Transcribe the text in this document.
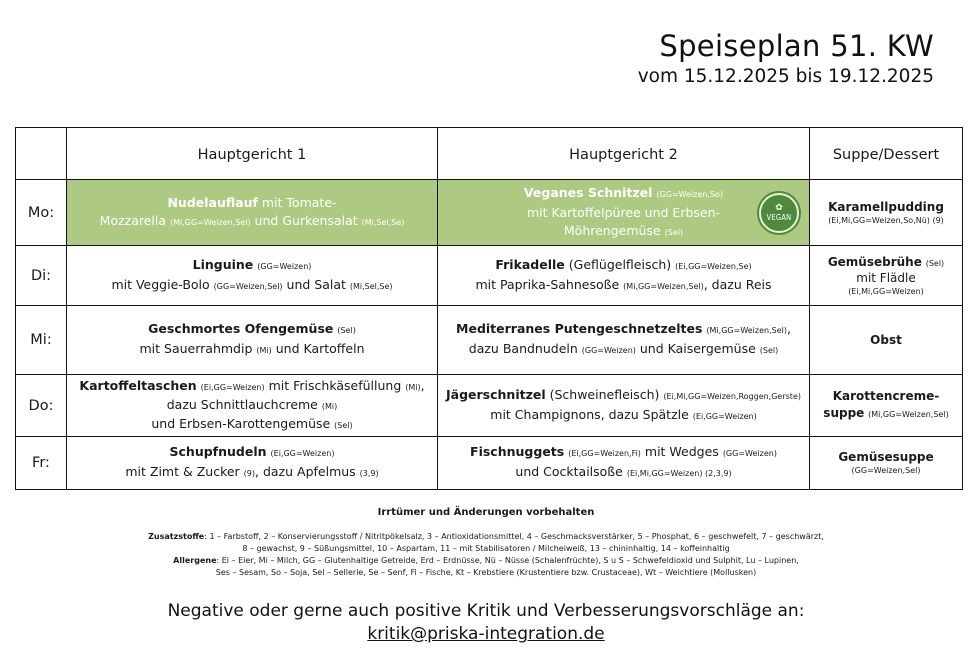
Speiseplan 51. KW
vom 15.12.2025 bis 19.12.2025
	Hauptgericht 1	Hauptgericht 2	Suppe/Dessert
Mo:	Nudelauflauf mit Tomate-
Mozzarella (Mi,GG=Weizen,Sel) und Gurkensalat (Mi,Sel,Se)	Veganes Schnitzel (GG=Weizen,So)
mit Kartoffelpüree und Erbsen-
Möhrengemüse (Sel)
✿
VEGAN	Karamellpudding
(Ei,Mi,GG=Weizen,So,Nü) (9)

Di:	Linguine (GG=Weizen)
mit Veggie-Bolo (GG=Weizen,Sel) und Salat (Mi,Sel,Se)	Frikadelle (Geflügelfleisch) (Ei,GG=Weizen,Se)
mit Paprika-Sahnesoße (Mi,GG=Weizen,Sel), dazu Reis	Gemüsebrühe (Sel)
mit Flädle
(Ei,Mi,GG=Weizen)

Mi:	Geschmortes Ofengemüse (Sel)
mit Sauerrahmdip (Mi) und Kartoffeln	Mediterranes Putengeschnetzeltes (Mi,GG=Weizen,Sel),
dazu Bandnudeln (GG=Weizen) und Kaisergemüse (Sel)	Obst

Do:	Kartoffeltaschen (Ei,GG=Weizen) mit Frischkäsefüllung (Mi),
dazu Schnittlauchcreme (Mi)
und Erbsen-Karottengemüse (Sel)	Jägerschnitzel (Schweinefleisch) (Ei,Mi,GG=Weizen,Roggen,Gerste)
mit Champignons, dazu Spätzle (Ei,GG=Weizen)	Karottencreme-
suppe (Mi,GG=Weizen,Sel)

Fr:	Schupfnudeln (Ei,GG=Weizen)
mit Zimt & Zucker (9), dazu Apfelmus (3,9)	Fischnuggets (Ei,GG=Weizen,Fi) mit Wedges (GG=Weizen)
und Cocktailsoße (Ei,Mi,GG=Weizen) (2,3,9)	Gemüsesuppe
(GG=Weizen,Sel)
Irrtümer und Änderungen vorbehalten
Zusatzstoffe: 1 – Farbstoff, 2 – Konservierungsstoff / Nitritpökelsalz, 3 – Antioxidationsmittel, 4 – Geschmacksverstärker, 5 – Phosphat, 6 – geschwefelt, 7 – geschwärzt,
8 – gewachst, 9 – Süßungsmittel, 10 – Aspartam, 11 – mit Stabilisatoren / Milcheiweiß, 13 – chininhaltig, 14 – koffeinhaltig
Allergene: Ei – Eier, Mi – Milch, GG – Glutenhaltige Getreide, Erd – Erdnüsse, Nü – Nüsse (Schalenfrüchte), S u S – Schwefeldioxid und Sulphit, Lu – Lupinen,
Ses – Sesam, So – Soja, Sel – Sellerie, Se – Senf, Fi – Fische, Kt – Krebstiere (Krustentiere bzw. Crustaceae), Wt – Weichtiere (Mollusken)
Negative oder gerne auch positive Kritik und Verbesserungsvorschläge an:
kritik@priska-integration.de
